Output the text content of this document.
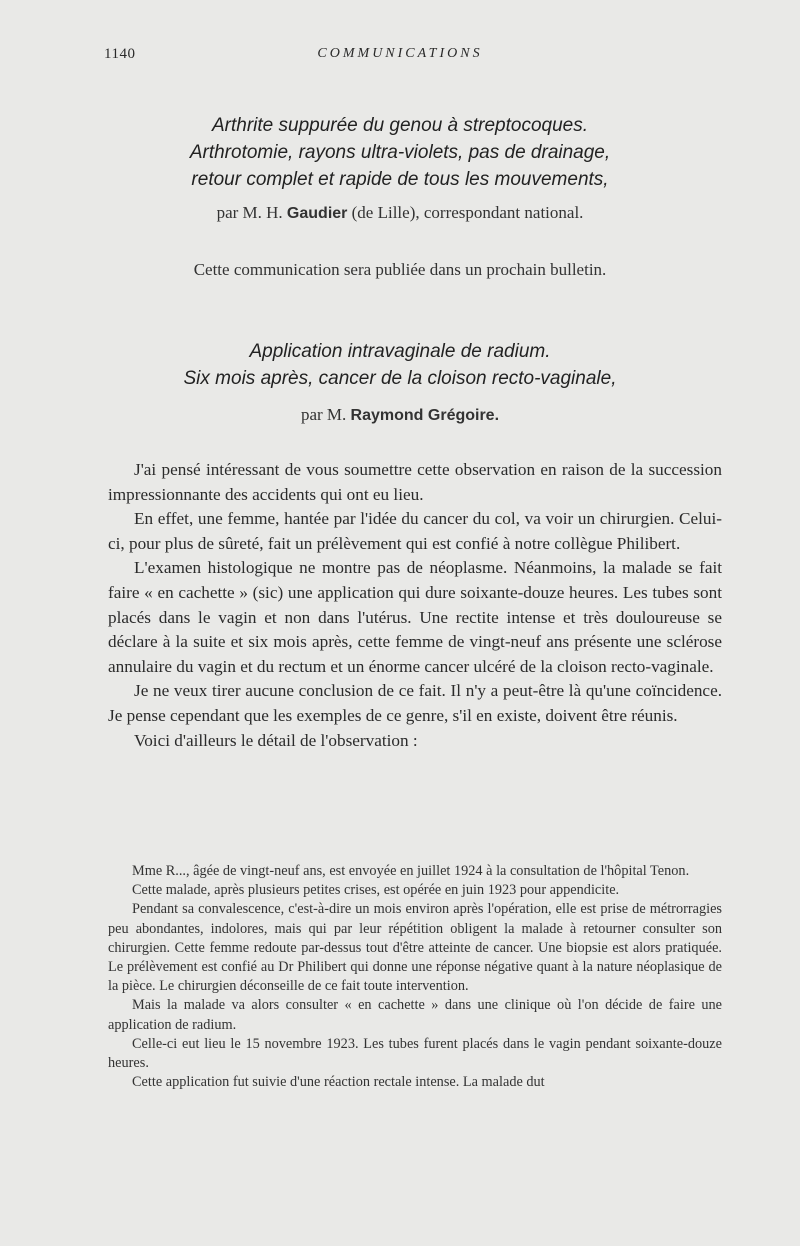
1140	COMMUNICATIONS
Arthrite suppurée du genou à streptocoques.
Arthrotomie, rayons ultra-violets, pas de drainage,
retour complet et rapide de tous les mouvements,
par M. H. Gaudier (de Lille), correspondant national.
Cette communication sera publiée dans un prochain bulletin.
Application intravaginale de radium.
Six mois après, cancer de la cloison recto-vaginale,
par M. Raymond Grégoire.

J'ai pensé intéressant de vous soumettre cette observation en raison de la succession impressionnante des accidents qui ont eu lieu.

En effet, une femme, hantée par l'idée du cancer du col, va voir un chirurgien. Celui-ci, pour plus de sûreté, fait un prélèvement qui est confié à notre collègue Philibert.

L'examen histologique ne montre pas de néoplasme. Néanmoins, la malade se fait faire « en cachette » (sic) une application qui dure soixante-douze heures. Les tubes sont placés dans le vagin et non dans l'utérus. Une rectite intense et très douloureuse se déclare à la suite et six mois après, cette femme de vingt-neuf ans présente une sclérose annulaire du vagin et du rectum et un énorme cancer ulcéré de la cloison recto-vaginale.

Je ne veux tirer aucune conclusion de ce fait. Il n'y a peut-être là qu'une coïncidence. Je pense cependant que les exemples de ce genre, s'il en existe, doivent être réunis.

Voici d'ailleurs le détail de l'observation :

Mme R..., âgée de vingt-neuf ans, est envoyée en juillet 1924 à la consultation de l'hôpital Tenon.

Cette malade, après plusieurs petites crises, est opérée en juin 1923 pour appendicite.

Pendant sa convalescence, c'est-à-dire un mois environ après l'opération, elle est prise de métrorragies peu abondantes, indolores, mais qui par leur répétition obligent la malade à retourner consulter son chirurgien. Cette femme redoute par-dessus tout d'être atteinte de cancer. Une biopsie est alors pratiquée. Le prélèvement est confié au Dr Philibert qui donne une réponse négative quant à la nature néoplasique de la pièce. Le chirurgien déconseille de ce fait toute intervention.

Mais la malade va alors consulter « en cachette » dans une clinique où l'on décide de faire une application de radium.

Celle-ci eut lieu le 15 novembre 1923. Les tubes furent placés dans le vagin pendant soixante-douze heures.

Cette application fut suivie d'une réaction rectale intense. La malade dut
